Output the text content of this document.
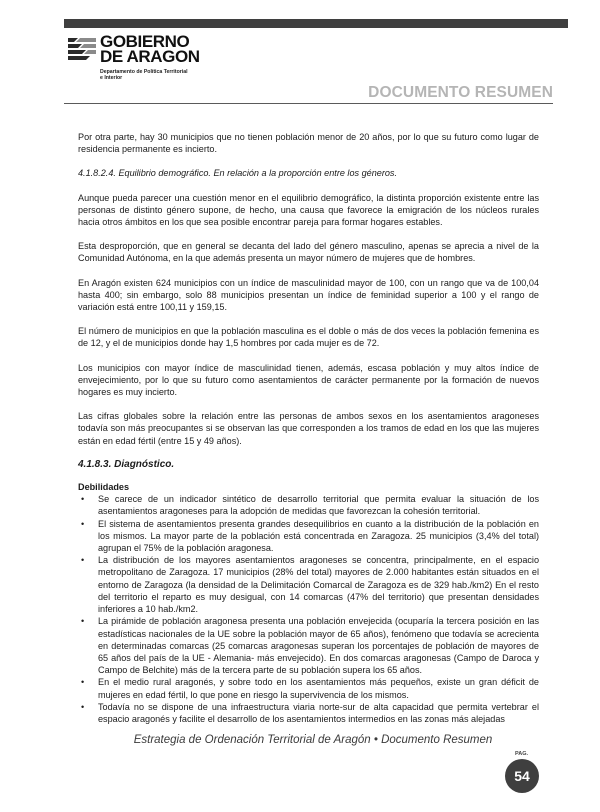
GOBIERNO
DE ARAGON
Departamento de Política Territorial
e Interior
DOCUMENTO RESUMEN

Por otra parte, hay 30 municipios que no tienen población menor de 20 años, por lo que su futuro como lugar de residencia permanente es incierto.

4.1.8.2.4. Equilibrio demográfico. En relación a la proporción entre los géneros.

Aunque pueda parecer una cuestión menor en el equilibrio demográfico, la distinta proporción existente entre las personas de distinto género supone, de hecho, una causa que favorece la emigración de los núcleos rurales hacia otros ámbitos en los que sea posible encontrar pareja para formar hogares estables.

Esta desproporción, que en general se decanta del lado del género masculino, apenas se aprecia a nivel de la Comunidad Autónoma, en la que además presenta un mayor número de mujeres que de hombres.

En Aragón existen 624 municipios con un índice de masculinidad mayor de 100, con un rango que va de 100,04 hasta 400; sin embargo, solo 88 municipios presentan un índice de feminidad superior a 100 y el rango de variación está entre 100,11 y 159,15.

El número de municipios en que la población masculina es el doble o más de dos veces la población femenina es de 12, y el de municipios donde hay 1,5 hombres por cada mujer es de 72.

Los municipios con mayor índice de masculinidad tienen, además, escasa población y muy altos índice de envejecimiento, por lo que su futuro como asentamientos de carácter permanente por la formación de nuevos hogares es muy incierto.

Las cifras globales sobre la relación entre las personas de ambos sexos en los asentamientos aragoneses todavía son más preocupantes si se observan las que corresponden a los tramos de edad en los que las mujeres están en edad fértil (entre 15 y 49 años).

4.1.8.3. Diagnóstico.

Debilidades

• Se carece de un indicador sintético de desarrollo territorial que permita evaluar la situación de los asentamientos aragoneses para la adopción de medidas que favorezcan la cohesión territorial.
• El sistema de asentamientos presenta grandes desequilibrios en cuanto a la distribución de la población en los mismos. La mayor parte de la población está concentrada en Zaragoza. 25 municipios (3,4% del total) agrupan el 75% de la población aragonesa.
• La distribución de los mayores asentamientos aragoneses se concentra, principalmente, en el espacio metropolitano de Zaragoza. 17 municipios (28% del total) mayores de 2.000 habitantes están situados en el entorno de Zaragoza (la densidad de la Delimitación Comarcal de Zaragoza es de 329 hab./km2) En el resto del territorio el reparto es muy desigual, con 14 comarcas (47% del territorio) que presentan densidades inferiores a 10 hab./km2.
• La pirámide de población aragonesa presenta una población envejecida (ocuparía la tercera posición en las estadísticas nacionales de la UE sobre la población mayor de 65 años), fenómeno que todavía se acrecienta en determinadas comarcas (25 comarcas aragonesas superan los porcentajes de población de mayores de 65 años del país de la UE - Alemania- más envejecido). En dos comarcas aragonesas (Campo de Daroca y Campo de Belchite) más de la tercera parte de su población supera los 65 años.
• En el medio rural aragonés, y sobre todo en los asentamientos más pequeños, existe un gran déficit de mujeres en edad fértil, lo que pone en riesgo la supervivencia de los mismos.
• Todavía no se dispone de una infraestructura viaria norte-sur de alta capacidad que permita vertebrar el espacio aragonés y facilite el desarrollo de los asentamientos intermedios en las zonas más alejadas
Estrategia de Ordenación Territorial de Aragón • Documento Resumen
PAG.
54
